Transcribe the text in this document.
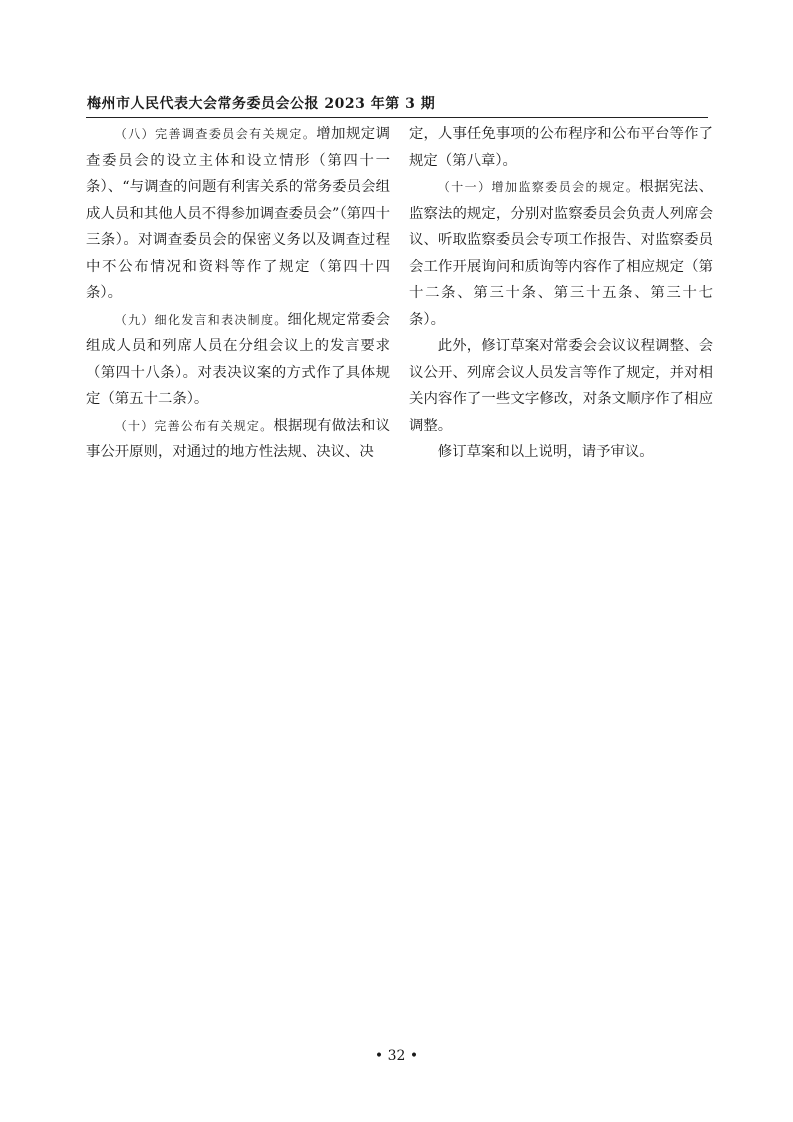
梅州市人民代表大会常务委员会公报 2023 年第 3 期

（八）完善调查委员会有关规定。增加规定调查委员会的设立主体和设立情形（第四十一条）、“与调查的问题有利害关系的常务委员会组成人员和其他人员不得参加调查委员会”（第四十三条）。对调查委员会的保密义务以及调查过程中不公布情况和资料等作了规定（第四十四条）。

（九）细化发言和表决制度。细化规定常委会组成人员和列席人员在分组会议上的发言要求（第四十八条）。对表决议案的方式作了具体规定（第五十二条）。

（十）完善公布有关规定。根据现有做法和议事公开原则，对通过的地方性法规、决议、决

定，人事任免事项的公布程序和公布平台等作了规定（第八章）。

（十一）增加监察委员会的规定。根据宪法、监察法的规定，分别对监察委员会负责人列席会议、听取监察委员会专项工作报告、对监察委员会工作开展询问和质询等内容作了相应规定（第十二条、第三十条、第三十五条、第三十七条）。

此外，修订草案对常委会会议议程调整、会议公开、列席会议人员发言等作了规定，并对相关内容作了一些文字修改，对条文顺序作了相应调整。

修订草案和以上说明，请予审议。

• 32 •
